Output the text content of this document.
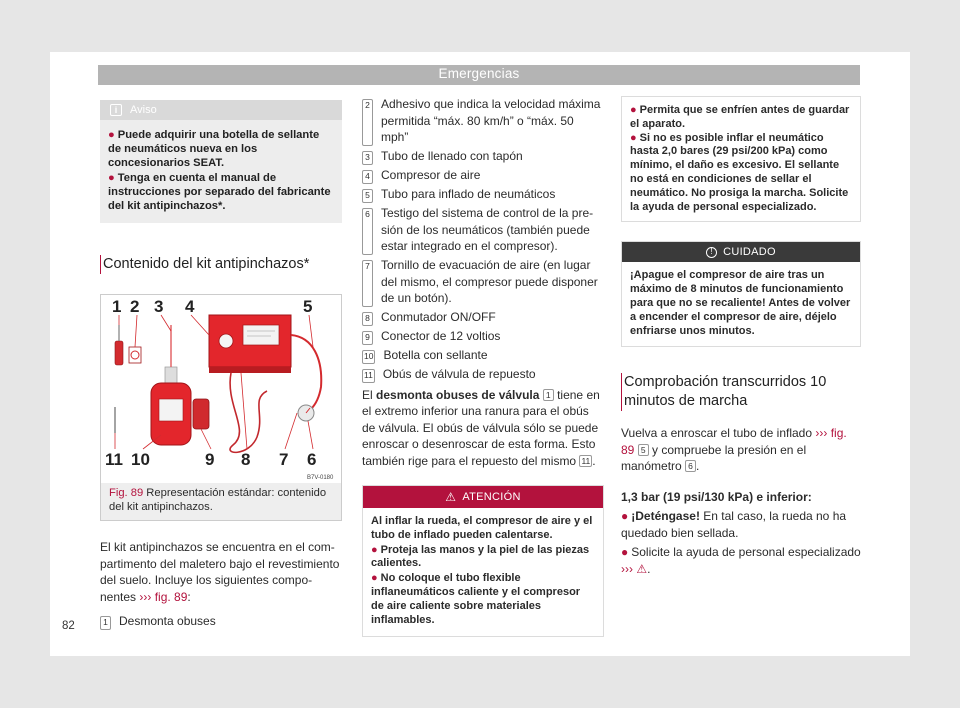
Emergencias
i	Aviso

● Puede adquirir una botella de sellante de neumáticos nueva en los concesionarios SEAT.

● Tenga en cuenta el manual de instrucciones por separado del fabricante del kit antipinchazos*.

Contenido del kit antipinchazos*
1 2 3 4	5
11 10	9 8 7 6
B7V-0180
Fig. 89 Representación estándar: contenido del kit antipinchazos.
El kit antipinchazos se encuentra en el compartimento del maletero bajo el revestimiento del suelo. Incluye los siguientes componentes ››› fig. 89:
1 Desmonta obuses
2 Adhesivo que indica la velocidad máxima permitida “máx. 80 km/h” o “máx. 50 mph”
3 Tubo de llenado con tapón
4 Compresor de aire
5 Tubo para inflado de neumáticos
6 Testigo del sistema de control de la presión de los neumáticos (también puede estar integrado en el compresor).
7 Tornillo de evacuación de aire (en lugar del mismo, el compresor puede disponer de un botón).
8 Conmutador ON/OFF
9 Conector de 12 voltios
10 Botella con sellante
11 Obús de válvula de repuesto
El desmonta obuses de válvula 1 tiene en el extremo inferior una ranura para el obús de válvula. El obús de válvula sólo se puede enroscar o desenroscar de esta forma. Esto también rige para el repuesto del mismo 11 .
⚠ ATENCIÓN

Al inflar la rueda, el compresor de aire y el tubo de inflado pueden calentarse.

● Proteja las manos y la piel de las piezas calientes.

● No coloque el tubo flexible inflaneumáticos caliente y el compresor de aire caliente sobre materiales inflamables.

● Permita que se enfríen antes de guardar el aparato.

● Si no es posible inflar el neumático hasta 2,0 bares (29 psi/200 kPa) como mínimo, el daño es excesivo. El sellante no está en condiciones de sellar el neumático. No prosiga la marcha. Solicite la ayuda de personal especializado.

! CUIDADO
¡Apague el compresor de aire tras un máximo de 8 minutos de funcionamiento para que no se recaliente! Antes de volver a encender el compresor de aire, déjelo enfriarse unos minutos.
Comprobación transcurridos 10 minutos de marcha
Vuelva a enroscar el tubo de inflado ››› fig. 89 5 y compruebe la presión en el manómetro 6 .
1,3 bar (19 psi/130 kPa) e inferior:
● ¡Deténgase! En tal caso, la rueda no ha quedado bien sellada.
● Solicite la ayuda de personal especializado ››› ⚠.
82
